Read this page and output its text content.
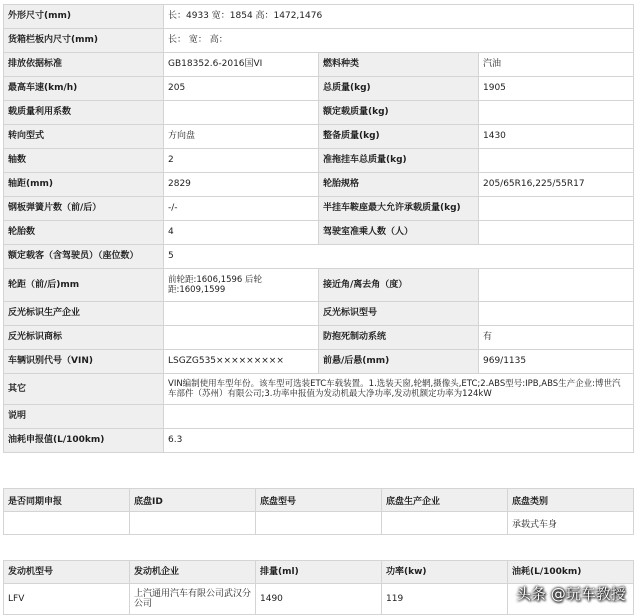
外形尺寸(mm)	长：4933 宽：1854 高：1472,1476		
货箱栏板内尺寸(mm)	长： 宽： 高：		
排放依据标准	GB18352.6-2016国VI	燃料种类	汽油
最高车速(km/h)	205	总质量(kg)	1905
载质量利用系数		额定载质量(kg)	
转向型式	方向盘	整备质量(kg)	1430
轴数	2	准拖挂车总质量(kg)	
轴距(mm)	2829	轮胎规格	205/65R16,225/55R17
钢板弹簧片数（前/后）	-/-	半挂车鞍座最大允许承载质量(kg)	
轮胎数	4	驾驶室准乘人数（人）	
额定载客（含驾驶员）（座位数）	5		
轮距（前/后)mm	前轮距:1606,1596 后轮距:1609,1599	接近角/离去角（度）	
反光标识生产企业		反光标识型号	
反光标识商标		防抱死制动系统	有
车辆识别代号（VIN)	LSGZG535×××××××××	前悬/后悬(mm)	969/1135
其它	VIN编制使用车型年份。该车型可选装ETC车载装置。1.选装天窗,轮辋,摄像头,ETC;2.ABS型号:IPB,ABS生产企业:博世汽车部件（苏州）有限公司;3.功率申报值为发动机最大净功率,发动机额定功率为124kW		
说明			
油耗申报值(L/100km)	6.3		
是否同期申报	底盘ID	底盘型号	底盘生产企业	底盘类别
				承载式车身
发动机型号	发动机企业	排量(ml)	功率(kw)	油耗(L/100km)
LFV	上汽通用汽车有限公司武汉分公司	1490	119		头条 @玩车教授
